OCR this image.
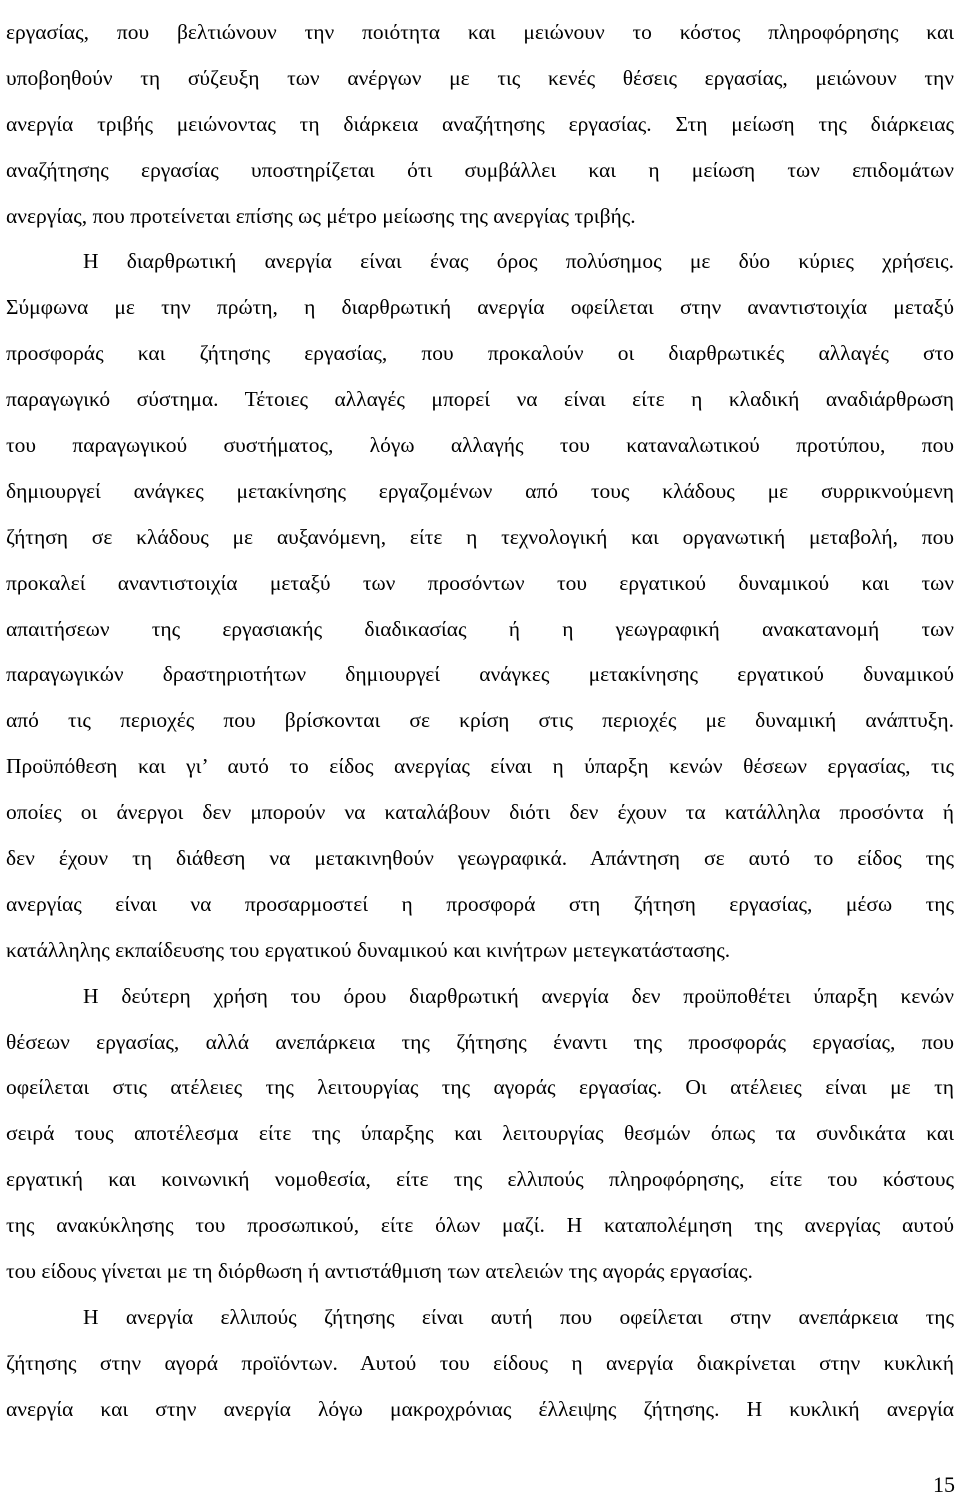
εργασίας, που βελτιώνουν την ποιότητα και μειώνουν το κόστος πληροφόρησης και
υποβοηθούν τη σύζευξη των ανέργων με τις κενές θέσεις εργασίας, μειώνουν την
ανεργία τριβής μειώνοντας τη διάρκεια αναζήτησης εργασίας. Στη μείωση της διάρκειας
αναζήτησης εργασίας υποστηρίζεται ότι συμβάλλει και η μείωση των επιδομάτων
ανεργίας, που προτείνεται επίσης ως μέτρο μείωσης της ανεργίας τριβής.
Η διαρθρωτική ανεργία είναι ένας όρος πολύσημος με δύο κύριες χρήσεις.
Σύμφωνα με την πρώτη, η διαρθρωτική ανεργία οφείλεται στην αναντιστοιχία μεταξύ
προσφοράς και ζήτησης εργασίας, που προκαλούν οι διαρθρωτικές αλλαγές στο
παραγωγικό σύστημα. Τέτοιες αλλαγές μπορεί να είναι είτε η κλαδική αναδιάρθρωση
του παραγωγικού συστήματος, λόγω αλλαγής του καταναλωτικού προτύπου, που
δημιουργεί ανάγκες μετακίνησης εργαζομένων από τους κλάδους με συρρικνούμενη
ζήτηση σε κλάδους με αυξανόμενη, είτε η τεχνολογική και οργανωτική μεταβολή, που
προκαλεί αναντιστοιχία μεταξύ των προσόντων του εργατικού δυναμικού και των
απαιτήσεων της εργασιακής διαδικασίας ή η γεωγραφική ανακατανομή των
παραγωγικών δραστηριοτήτων δημιουργεί ανάγκες μετακίνησης εργατικού δυναμικού
από τις περιοχές που βρίσκονται σε κρίση στις περιοχές με δυναμική ανάπτυξη.
Προϋπόθεση και γι’ αυτό το είδος ανεργίας είναι η ύπαρξη κενών θέσεων εργασίας, τις
οποίες οι άνεργοι δεν μπορούν να καταλάβουν διότι δεν έχουν τα κατάλληλα προσόντα ή
δεν έχουν τη διάθεση να μετακινηθούν γεωγραφικά. Απάντηση σε αυτό το είδος της
ανεργίας είναι να προσαρμοστεί η προσφορά στη ζήτηση εργασίας, μέσω της
κατάλληλης εκπαίδευσης του εργατικού δυναμικού και κινήτρων μετεγκατάστασης.
Η δεύτερη χρήση του όρου διαρθρωτική ανεργία δεν προϋποθέτει ύπαρξη κενών
θέσεων εργασίας, αλλά ανεπάρκεια της ζήτησης έναντι της προσφοράς εργασίας, που
οφείλεται στις ατέλειες της λειτουργίας της αγοράς εργασίας. Οι ατέλειες είναι με τη
σειρά τους αποτέλεσμα είτε της ύπαρξης και λειτουργίας θεσμών όπως τα συνδικάτα και
εργατική και κοινωνική νομοθεσία, είτε της ελλιπούς πληροφόρησης, είτε του κόστους
της ανακύκλησης του προσωπικού, είτε όλων μαζί. Η καταπολέμηση της ανεργίας αυτού
του είδους γίνεται με τη διόρθωση ή αντιστάθμιση των ατελειών της αγοράς εργασίας.
Η ανεργία ελλιπούς ζήτησης είναι αυτή που οφείλεται στην ανεπάρκεια της
ζήτησης στην αγορά προϊόντων. Αυτού του είδους η ανεργία διακρίνεται στην κυκλική
ανεργία και στην ανεργία λόγω μακροχρόνιας έλλειψης ζήτησης. Η κυκλική ανεργία
15
